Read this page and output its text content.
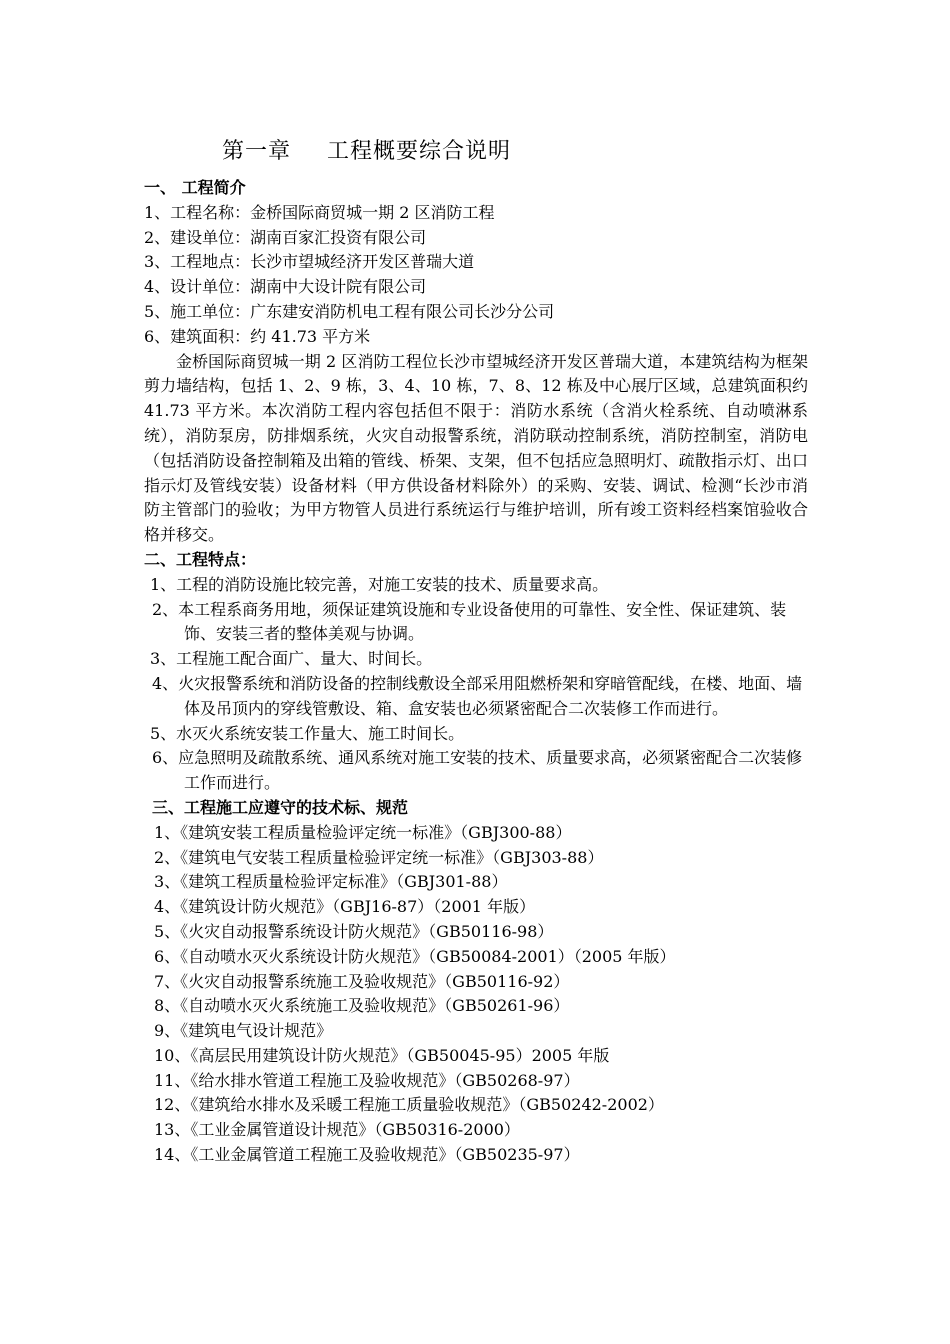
第一章 工程概要综合说明
一、 工程简介
1、工程名称：金桥国际商贸城一期 2 区消防工程
2、建设单位：湖南百家汇投资有限公司
3、工程地点：长沙市望城经济开发区普瑞大道
4、设计单位：湖南中大设计院有限公司
5、施工单位：广东建安消防机电工程有限公司长沙分公司
6、建筑面积：约 41.73 平方米
金桥国际商贸城一期 2 区消防工程位长沙市望城经济开发区普瑞大道，本建筑结构为框架剪力墙结构，包括 1、2、9 栋，3、4、10 栋，7、8、12 栋及中心展厅区域，总建筑面积约 41.73 平方米。本次消防工程内容包括但不限于：消防水系统（含消火栓系统、自动喷淋系统），消防泵房，防排烟系统，火灾自动报警系统，消防联动控制系统，消防控制室，消防电（包括消防设备控制箱及出箱的管线、桥架、支架，但不包括应急照明灯、疏散指示灯、出口指示灯及管线安装）设备材料（甲方供设备材料除外）的采购、安装、调试、检测“长沙市消防主管部门的验收；为甲方物管人员进行系统运行与维护培训，所有竣工资料经档案馆验收合格并移交。
二、工程特点：
1、工程的消防设施比较完善，对施工安装的技术、质量要求高。
2、本工程系商务用地，须保证建筑设施和专业设备使用的可靠性、安全性、保证建筑、装饰、安装三者的整体美观与协调。
3、工程施工配合面广、量大、时间长。
4、火灾报警系统和消防设备的控制线敷设全部采用阻燃桥架和穿暗管配线，在楼、地面、墙体及吊顶内的穿线管敷设、箱、盒安装也必须紧密配合二次装修工作而进行。
5、水灭火系统安装工作量大、施工时间长。
6、应急照明及疏散系统、通风系统对施工安装的技术、质量要求高，必须紧密配合二次装修工作而进行。
三、工程施工应遵守的技术标、规范
1、《建筑安装工程质量检验评定统一标准》（GBJ300-88）
2、《建筑电气安装工程质量检验评定统一标准》（GBJ303-88）
3、《建筑工程质量检验评定标准》（GBJ301-88）
4、《建筑设计防火规范》（GBJ16-87）（2001 年版）
5、《火灾自动报警系统设计防火规范》（GB50116-98）
6、《自动喷水灭火系统设计防火规范》（GB50084-2001）（2005 年版）
7、《火灾自动报警系统施工及验收规范》（GB50116-92）
8、《自动喷水灭火系统施工及验收规范》（GB50261-96）
9、《建筑电气设计规范》
10、《高层民用建筑设计防火规范》（GB50045-95）2005 年版
11、《给水排水管道工程施工及验收规范》（GB50268-97）
12、《建筑给水排水及采暖工程施工质量验收规范》（GB50242-2002）
13、《工业金属管道设计规范》（GB50316-2000）
14、《工业金属管道工程施工及验收规范》（GB50235-97）
